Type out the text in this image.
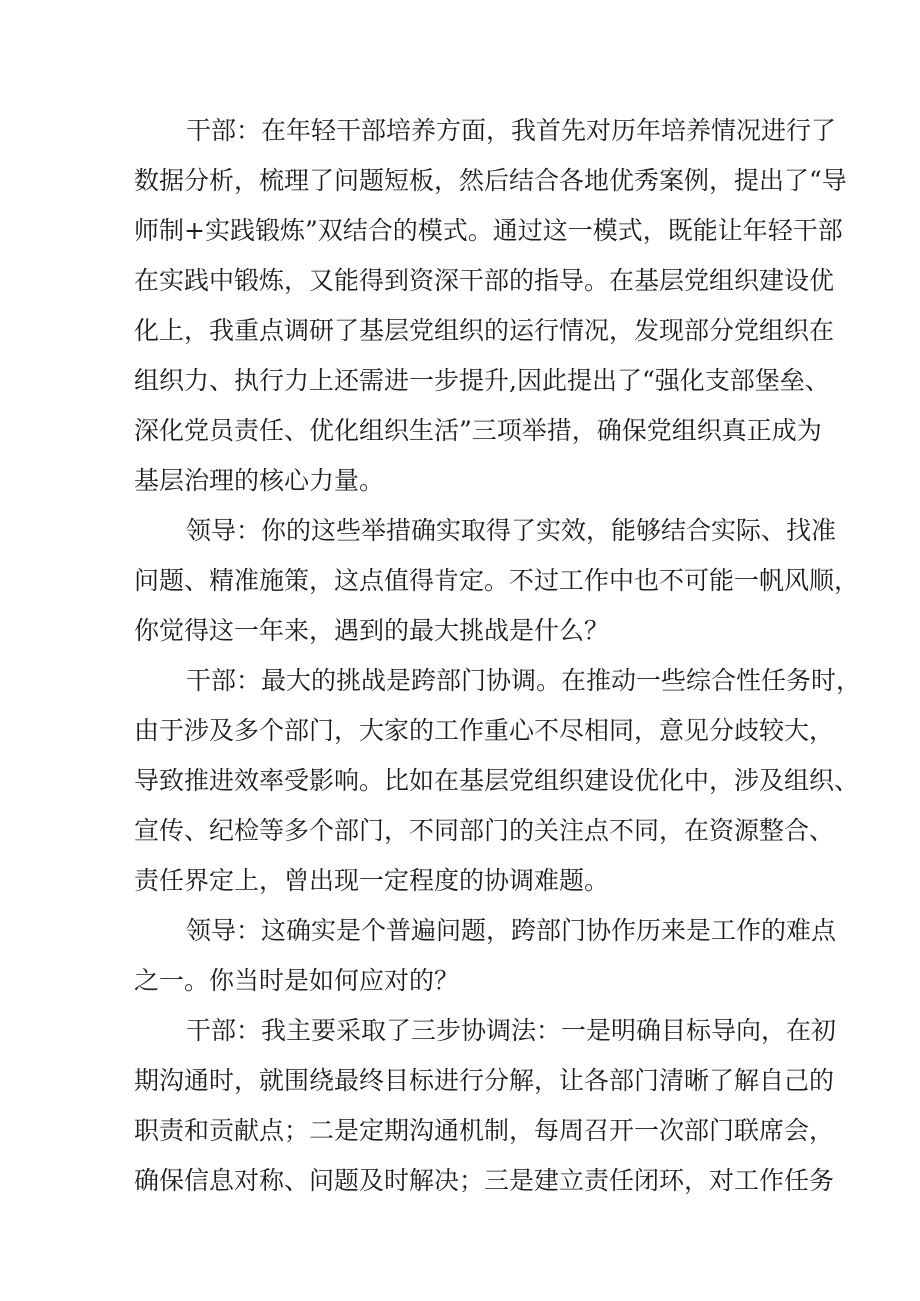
干部：在年轻干部培养方面，我首先对历年培养情况进行了
数据分析，梳理了问题短板，然后结合各地优秀案例，提出了“导
师制+实践锻炼”双结合的模式。通过这一模式，既能让年轻干部
在实践中锻炼，又能得到资深干部的指导。在基层党组织建设优
化上，我重点调研了基层党组织的运行情况，发现部分党组织在
组织力、执行力上还需进一步提升,因此提出了“强化支部堡垒、
深化党员责任、优化组织生活”三项举措，确保党组织真正成为
基层治理的核心力量。
领导：你的这些举措确实取得了实效，能够结合实际、找准
问题、精准施策，这点值得肯定。不过工作中也不可能一帆风顺，
你觉得这一年来，遇到的最大挑战是什么？
干部：最大的挑战是跨部门协调。在推动一些综合性任务时，
由于涉及多个部门，大家的工作重心不尽相同，意见分歧较大，
导致推进效率受影响。比如在基层党组织建设优化中，涉及组织、
宣传、纪检等多个部门，不同部门的关注点不同，在资源整合、
责任界定上，曾出现一定程度的协调难题。
领导：这确实是个普遍问题，跨部门协作历来是工作的难点
之一。你当时是如何应对的？
干部：我主要采取了三步协调法：一是明确目标导向，在初
期沟通时，就围绕最终目标进行分解，让各部门清晰了解自己的
职责和贡献点；二是定期沟通机制，每周召开一次部门联席会，
确保信息对称、问题及时解决；三是建立责任闭环，对工作任务
